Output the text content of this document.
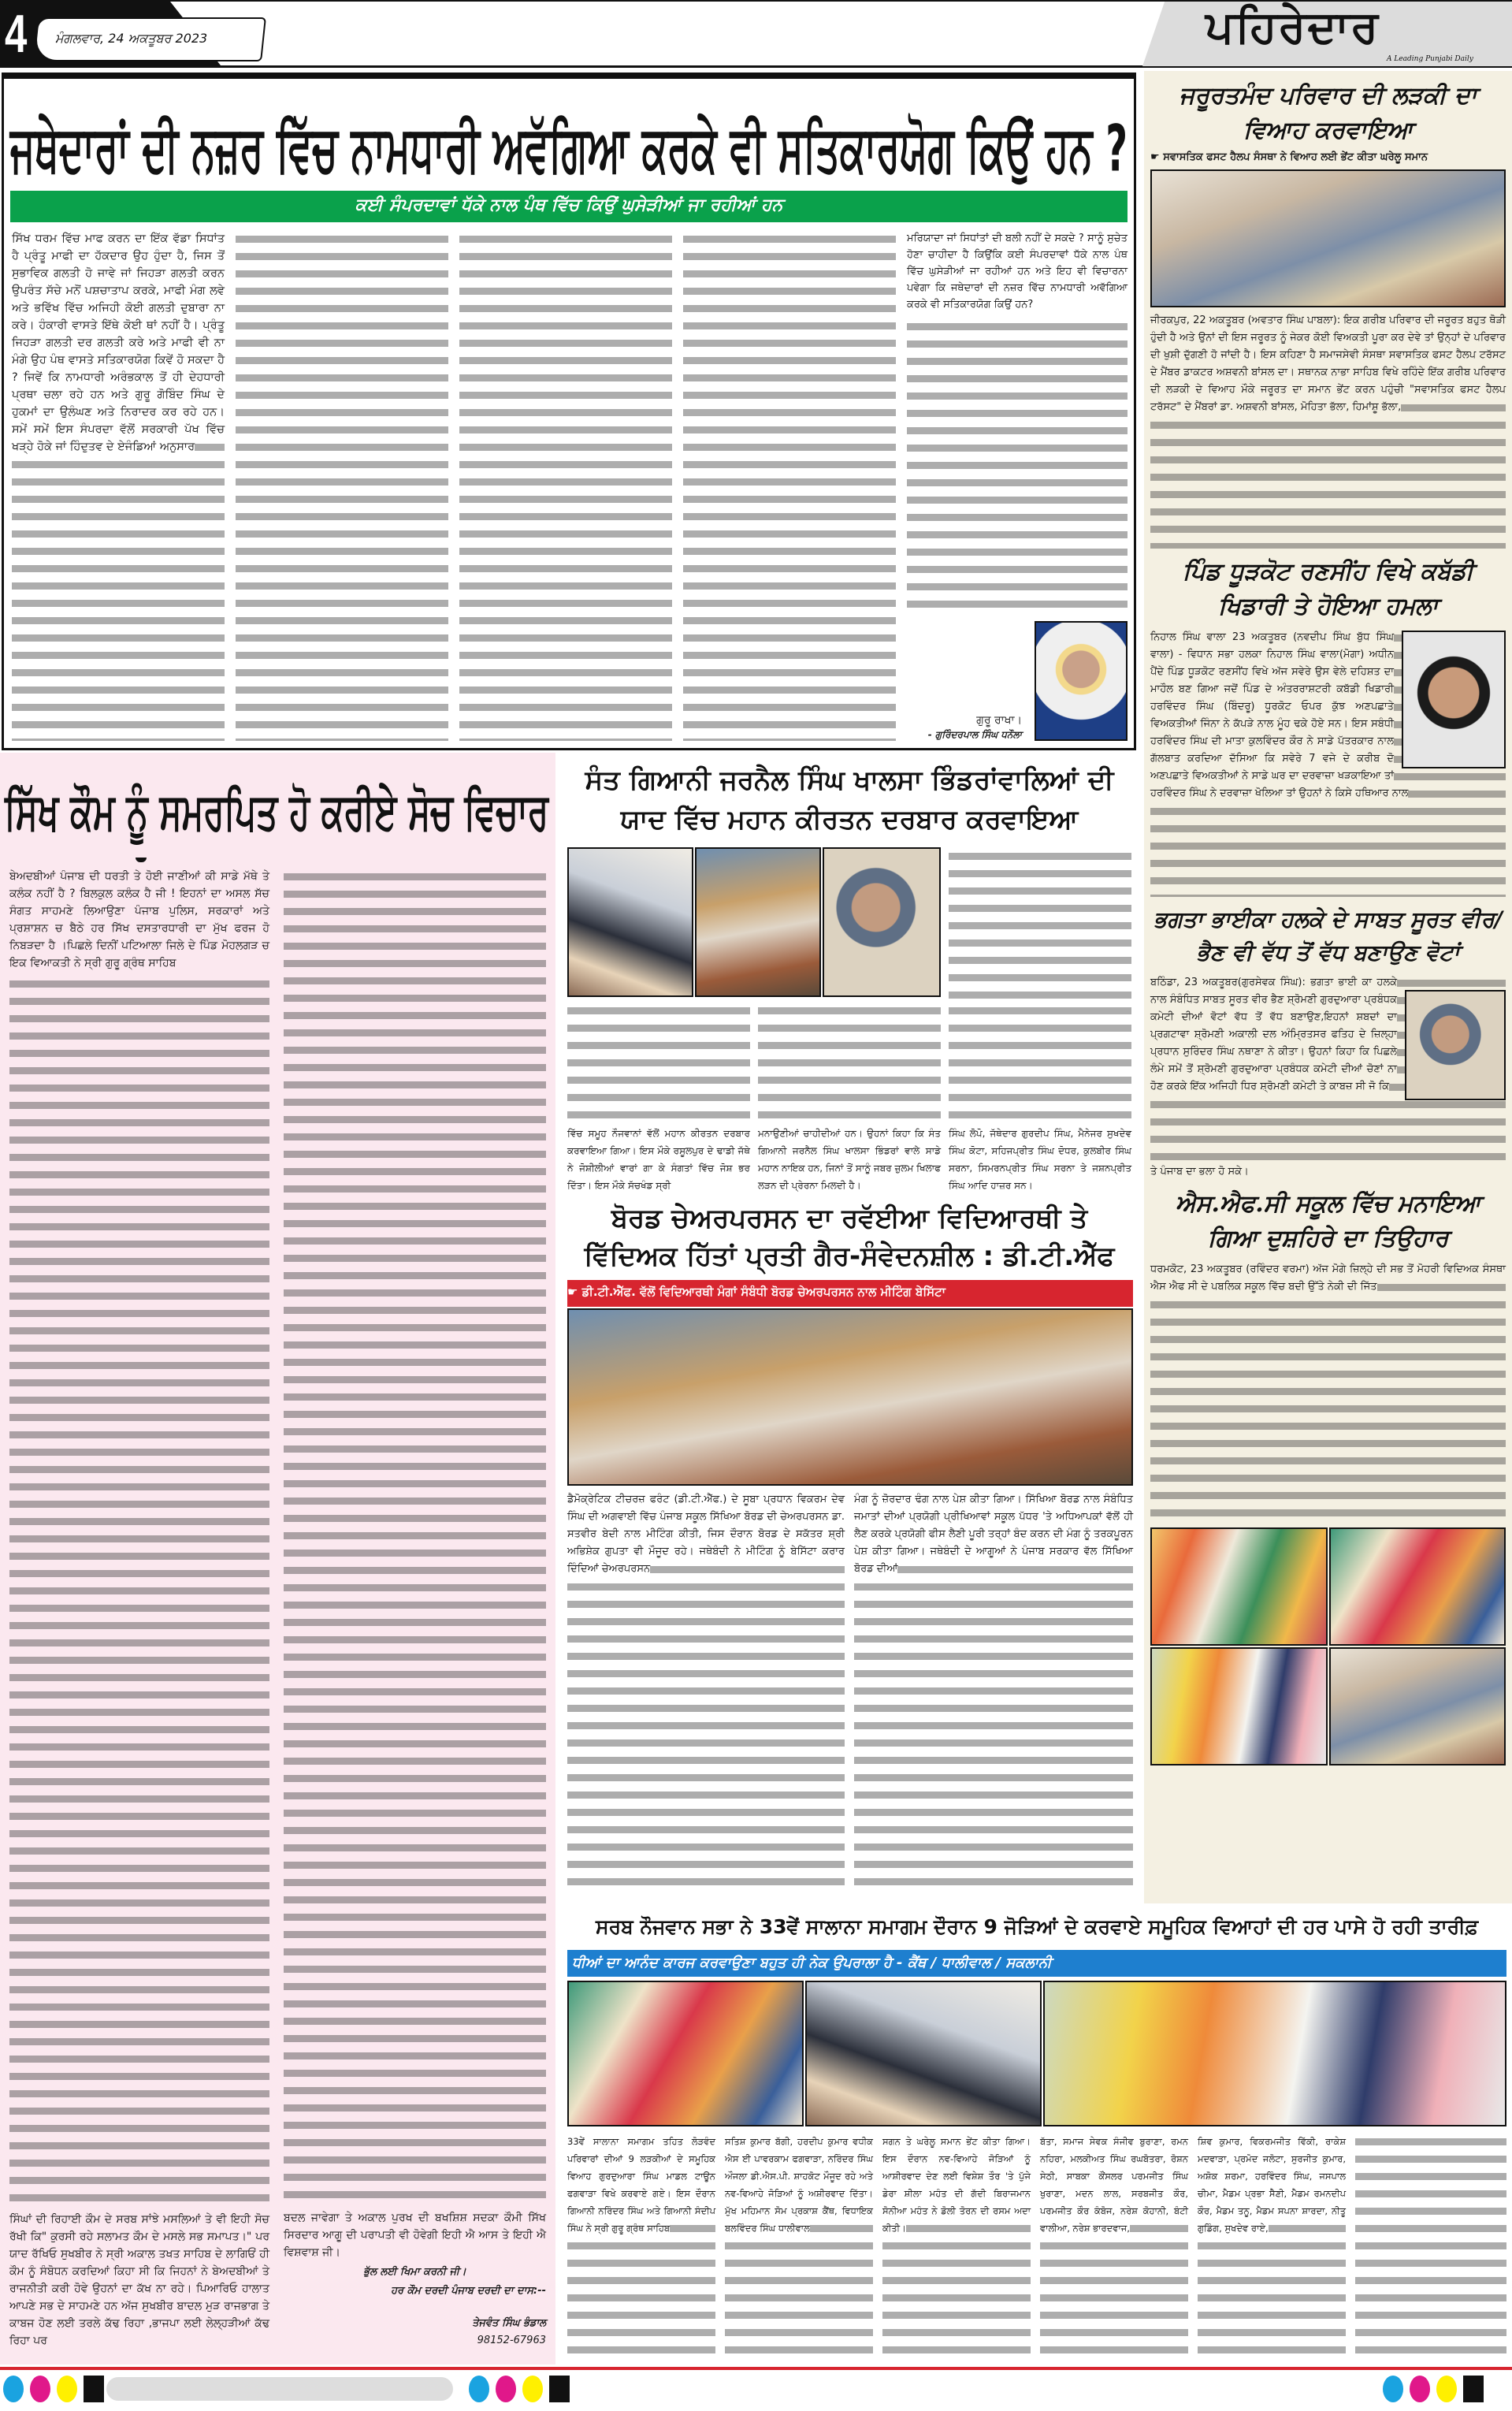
4 ਮੰਗਲਵਾਰ, 24 ਅਕਤੂਬਰ 2023	ਪਹਿਰੇਦਾਰ
A Leading Punjabi Daily
ਜਥੇਦਾਰਾਂ ਦੀ ਨਜ਼ਰ ਵਿੱਚ ਨਾਮਧਾਰੀ ਅਵੱਗਿਆ ਕਰਕੇ ਵੀ ਸਤਿਕਾਰਯੋਗ ਕਿਉਂ ਹਨ ?
ਕਈ ਸੰਪਰਦਾਵਾਂ ਧੱਕੇ ਨਾਲ ਪੰਥ ਵਿੱਚ ਕਿਉਂ ਘੁਸੇੜੀਆਂ ਜਾ ਰਹੀਆਂ ਹਨ
ਸਿੱਖ ਧਰਮ ਵਿੱਚ ਮਾਫ ਕਰਨ ਦਾ ਇੱਕ ਵੱਡਾ ਸਿਧਾਂਤ ਹੈ ਪ੍ਰੰਤੂ ਮਾਫੀ ਦਾ ਹੱਕਦਾਰ ਉਹ ਹੁੰਦਾ ਹੈ, ਜਿਸ ਤੋਂ ਸੁਭਾਵਿਕ ਗਲਤੀ ਹੋ ਜਾਵੇ ਜਾਂ ਜਿਹੜਾ ਗਲਤੀ ਕਰਨ ਉਪਰੰਤ ਸੱਚੇ ਮਨੋਂ ਪਸ਼ਚਾਤਾਪ ਕਰਕੇ, ਮਾਫੀ ਮੰਗ ਲਵੇ ਅਤੇ ਭਵਿੱਖ ਵਿੱਚ ਅਜਿਹੀ ਕੋਈ ਗਲਤੀ ਦੁਬਾਰਾ ਨਾ ਕਰੇ। ਹੰਕਾਰੀ ਵਾਸਤੇ ਇੱਥੇ ਕੋਈ ਥਾਂ ਨਹੀਂ ਹੈ। ਪ੍ਰੰਤੂ ਜਿਹੜਾ ਗਲਤੀ ਦਰ ਗਲਤੀ ਕਰੇ ਅਤੇ ਮਾਫੀ ਵੀ ਨਾ ਮੰਗੇ ਉਹ ਪੰਥ ਵਾਸਤੇ ਸਤਿਕਾਰਯੋਗ ਕਿਵੇਂ ਹੋ ਸਕਦਾ ਹੈ ? ਜਿਵੇਂ ਕਿ ਨਾਮਧਾਰੀ ਅਰੰਭਕਾਲ ਤੋਂ ਹੀ ਦੇਹਧਾਰੀ ਪ੍ਰਥਾ ਚਲਾ ਰਹੇ ਹਨ ਅਤੇ ਗੁਰੂ ਗੋਬਿੰਦ ਸਿੰਘ ਦੇ ਹੁਕਮਾਂ ਦਾ ਉਲੰਘਣ ਅਤੇ ਨਿਰਾਦਰ ਕਰ ਰਹੇ ਹਨ। ਸਮੇਂ ਸਮੇਂ ਇਸ ਸੰਪਰਦਾ ਵੱਲੋਂ ਸਰਕਾਰੀ ਪੱਖ ਵਿੱਚ ਖੜ੍ਹੇ ਹੋਕੇ ਜਾਂ ਹਿੰਦੁਤਵ ਦੇ ਏਜੰਡਿਆਂ ਅਨੁਸਾਰ
ਮਰਿਯਾਦਾ ਜਾਂ ਸਿਧਾਂਤਾਂ ਦੀ ਬਲੀ ਨਹੀਂ ਦੇ ਸਕਦੇ ? ਸਾਨੂੰ ਸੁਚੇਤ ਹੋਣਾ ਚਾਹੀਦਾ ਹੈ ਕਿਉਂਕਿ ਕਈ ਸੰਪਰਦਾਵਾਂ ਧੱਕੇ ਨਾਲ ਪੰਥ ਵਿੱਚ ਘੁਸੇੜੀਆਂ ਜਾ ਰਹੀਆਂ ਹਨ ਅਤੇ ਇਹ ਵੀ ਵਿਚਾਰਨਾ ਪਵੇਗਾ ਕਿ ਜਥੇਦਾਰਾਂ ਦੀ ਨਜ਼ਰ ਵਿੱਚ ਨਾਮਧਾਰੀ ਅਵੱਗਿਆ ਕਰਕੇ ਵੀ ਸਤਿਕਾਰਯੋਗ ਕਿਉਂ ਹਨ?
ਗੁਰੂ ਰਾਖਾ।
- ਗੁਰਿੰਦਰਪਾਲ ਸਿੰਘ ਧਨੌਲਾ
ਜਰੂਰਤਮੰਦ ਪਰਿਵਾਰ ਦੀ ਲੜਕੀ ਦਾ ਵਿਆਹ ਕਰਵਾਇਆ
☛ ਸਵਾਸਤਿਕ ਫਸਟ ਹੈਲਪ ਸੰਸਥਾ ਨੇ ਵਿਆਹ ਲਈ ਭੇਂਟ ਕੀਤਾ ਘਰੇਲੂ ਸਮਾਨ
ਜੀਰਕਪੁਰ, 22 ਅਕਤੂਬਰ (ਅਵਤਾਰ ਸਿੰਘ ਪਾਬਲਾ): ਇਕ ਗਰੀਬ ਪਰਿਵਾਰ ਦੀ ਜਰੂਰਤ ਬਹੁਤ ਥੋੜੀ ਹੁੰਦੀ ਹੈ ਅਤੇ ਉਨਾਂ ਦੀ ਇਸ ਜਰੂਰਤ ਨੂੰ ਜੇਕਰ ਕੋਈ ਵਿਅਕਤੀ ਪੂਰਾ ਕਰ ਦੇਵੇ ਤਾਂ ਉਨ੍ਹਾਂ ਦੇ ਪਰਿਵਾਰ ਦੀ ਖੁਸ਼ੀ ਦੁੱਗਣੀ ਹੋ ਜਾਂਦੀ ਹੈ। ਇਸ ਕਹਿਣਾ ਹੈ ਸਮਾਜਸੇਵੀ ਸੰਸਥਾ ਸਵਾਸਤਿਕ ਫਸਟ ਹੈਲਪ ਟਰੱਸਟ ਦੇ ਮੈਂਬਰ ਡਾਕਟਰ ਅਸ਼ਵਨੀ ਬਾਂਸਲ ਦਾ। ਸਥਾਨਕ ਨਾਭਾ ਸਾਹਿਬ ਵਿਖੇ ਰਹਿੰਦੇ ਇੱਕ ਗਰੀਬ ਪਰਿਵਾਰ ਦੀ ਲੜਕੀ ਦੇ ਵਿਆਹ ਮੌਕੇ ਜਰੂਰਤ ਦਾ ਸਮਾਨ ਭੇਂਟ ਕਰਨ ਪਹੁੰਚੀ "ਸਵਾਸਤਿਕ ਫਸਟ ਹੈਲਪ ਟਰੱਸਟ" ਦੇ ਮੈਂਬਰਾਂ ਡਾ. ਅਸ਼ਵਨੀ ਬਾਂਸਲ, ਮੋਹਿਤਾ ਭੱਲਾ, ਹਿਮਾਂਸ਼ੂ ਭੱਲਾ,
ਪਿੰਡ ਧੂੜਕੋਟ ਰਣਸੀਂਹ ਵਿਖੇ ਕਬੱਡੀ ਖਿਡਾਰੀ ਤੇ ਹੋਇਆ ਹਮਲਾ
ਨਿਹਾਲ ਸਿੰਘ ਵਾਲਾ 23 ਅਕਤੂਬਰ (ਨਵਦੀਪ ਸਿੰਘ ਬੁੱਧ ਸਿੰਘ ਵਾਲਾ) - ਵਿਧਾਨ ਸਭਾ ਹਲਕਾ ਨਿਹਾਲ ਸਿੰਘ ਵਾਲਾ(ਮੋਗਾ) ਅਧੀਨ ਪੈਂਦੇ ਪਿੰਡ ਧੂੜਕੋਟ ਰਣਸੀਂਹ ਵਿਖੇ ਅੱਜ ਸਵੇਰੇ ਉਸ ਵੇਲੇ ਦਹਿਸ਼ਤ ਦਾ ਮਾਹੌਲ ਬਣ ਗਿਆ ਜਦੋਂ ਪਿੰਡ ਦੇ ਅੰਤਰਰਾਸ਼ਟਰੀ ਕਬੱਡੀ ਖਿਡਾਰੀ ਹਰਵਿੰਦਰ ਸਿੰਘ (ਬਿੰਦਰੂ) ਧੂਰਕੋਟ ਓਪਰ ਕੁੱਝ ਅਣਪਛਾਤੇ ਵਿਅਕਤੀਆਂ ਜਿੰਨਾ ਨੇ ਕੱਪੜੇ ਨਾਲ ਮੂੰਹ ਢਕੇ ਹੋਏ ਸਨ। ਇਸ ਸਬੰਧੀ ਹਰਵਿੰਦਰ ਸਿੰਘ ਦੀ ਮਾਤਾ ਕੁਲਵਿੰਦਰ ਕੌਰ ਨੇ ਸਾਡੇ ਪੱਤਰਕਾਰ ਨਾਲ ਗੱਲਬਾਤ ਕਰਦਿਆ ਦੱਸਿਆ ਕਿ ਸਵੇਰੇ 7 ਵਜੇ ਦੇ ਕਰੀਬ ਦੋ ਅਣਪਛਾਤੇ ਵਿਅਕਤੀਆਂ ਨੇ ਸਾਡੇ ਘਰ ਦਾ ਦਰਵਾਜ਼ਾ ਖੜਕਾਇਆ ਤਾਂ ਹਰਵਿੰਦਰ ਸਿੰਘ ਨੇ ਦਰਵਾਜ਼ਾ ਖੋਲਿਆ ਤਾਂ ਉਹਨਾਂ ਨੇ ਕਿਸੇ ਹਥਿਆਰ ਨਾਲ
ਭਗਤਾ ਭਾਈਕਾ ਹਲਕੇ ਦੇ ਸਾਬਤ ਸੂਰਤ ਵੀਰ/ਭੈਣ ਵੀ ਵੱਧ ਤੋਂ ਵੱਧ ਬਣਾਉਣ ਵੋਟਾਂ
ਬਠਿੰਡਾ, 23 ਅਕਤੂਬਰ(ਗੁਰਸੇਵਕ ਸਿੰਘ): ਭਗਤਾ ਭਾਈ ਕਾ ਹਲਕੇ ਨਾਲ ਸੰਬੰਧਿਤ ਸਾਬਤ ਸੂਰਤ ਵੀਰ ਭੈਣ ਸ਼੍ਰੋਮਣੀ ਗੁਰਦੁਆਰਾ ਪ੍ਰਬੰਧਕ ਕਮੇਟੀ ਦੀਆਂ ਵੋਟਾਂ ਵੱਧ ਤੋਂ ਵੱਧ ਬਣਾਉਣ,ਇਹਨਾਂ ਸ਼ਬਦਾਂ ਦਾ ਪ੍ਰਗਟਾਵਾ ਸ਼੍ਰੋਮਣੀ ਅਕਾਲੀ ਦਲ ਅੰਮ੍ਰਿਤਸਰ ਫਤਿਹ ਦੇ ਜ਼ਿਲ੍ਹਾ ਪ੍ਰਧਾਨ ਸੁਰਿੰਦਰ ਸਿੰਘ ਨਥਾਣਾ ਨੇ ਕੀਤਾ। ਉਹਨਾਂ ਕਿਹਾ ਕਿ ਪਿਛਲੇ ਲੰਮੇ ਸਮੇਂ ਤੋਂ ਸ਼੍ਰੋਮਣੀ ਗੁਰਦੁਆਰਾ ਪ੍ਰਬੰਧਕ ਕਮੇਟੀ ਦੀਆਂ ਚੋਣਾਂ ਨਾ ਹੋਣ ਕਰਕੇ ਇੱਕ ਅਜਿਹੀ ਧਿਰ ਸ਼੍ਰੋਮਣੀ ਕਮੇਟੀ ਤੇ ਕਾਬਜ਼ ਸੀ ਜੋ ਕਿ
ਤੇ ਪੰਜਾਬ ਦਾ ਭਲਾ ਹੋ ਸਕੇ।
ਐਸ.ਐਫ.ਸੀ ਸਕੂਲ ਵਿੱਚ ਮਨਾਇਆ ਗਿਆ ਦੁਸ਼ਹਿਰੇ ਦਾ ਤਿਉਹਾਰ
ਧਰਮਕੋਟ, 23 ਅਕਤੂਬਰ (ਰਵਿੰਦਰ ਵਰਮਾ) ਅੱਜ ਮੋਗੇ ਜ਼ਿਲ੍ਹੇ ਦੀ ਸਭ ਤੋਂ ਮੋਹਰੀ ਵਿਦਿਅਕ ਸੰਸਥਾ ਐਸ ਐਫ ਸੀ ਦੇ ਪਬਲਿਕ ਸਕੂਲ ਵਿੱਚ ਬਦੀ ਉੱਤੇ ਨੇਕੀ ਦੀ ਜਿੱਤ
ਸਿੱਖ ਕੌਮ ਨੂੰ ਸਮਰਪਿਤ ਹੋ ਕਰੀਏ ਸੋਚ ਵਿਚਾਰ
ਬੇਅਦਬੀਆਂ ਪੰਜਾਬ ਦੀ ਧਰਤੀ ਤੇ ਹੋਈ ਜਾਣੀਆਂ ਕੀ ਸਾਡੇ ਮੱਥੇ ਤੇ ਕਲੰਕ ਨਹੀਂ ਹੈ ? ਬਿਲਕੁਲ ਕਲੰਕ ਹੈ ਜੀ ! ਇਹਨਾਂ ਦਾ ਅਸਲ ਸੱਚ ਸੰਗਤ ਸਾਹਮਣੇ ਲਿਆਉਣਾ ਪੰਜਾਬ ਪੁਲਿਸ, ਸਰਕਾਰਾਂ ਅਤੇ ਪ੍ਰਸ਼ਾਸ਼ਨ ਚ ਬੈਠੇ ਹਰ ਸਿੱਖ ਦਸਤਾਰਧਾਰੀ ਦਾ ਮੁੱਖ ਫਰਜ ਹੋ ਨਿਬੜਦਾ ਹੈ ।ਪਿਛਲੇ ਦਿਨੀਂ ਪਟਿਆਲਾ ਜਿਲੇ ਦੇ ਪਿੰਡ ਮੋਹਲਗੜ ਚ ਇਕ ਵਿਆਕਤੀ ਨੇ ਸ੍ਰੀ ਗੁਰੂ ਗ੍ਰੰਥ ਸਾਹਿਬ
ਸਿੰਘਾਂ ਦੀ ਰਿਹਾਈ ਕੌਮ ਦੇ ਸਰਬ ਸਾਂਝੇ ਮਸਲਿਆਂ ਤੇ ਵੀ ਇਹੀ ਸੋਚ ਰੱਖੀ ਕਿ" ਕੁਰਸੀ ਰਹੇ ਸਲਾਮਤ ਕੌਮ ਦੇ ਮਸਲੇ ਸਭ ਸਮਾਪਤ।" ਪਰ ਯਾਦ ਰੱਖਿਓ ਸੁਖਬੀਰ ਨੇ ਸ੍ਰੀ ਅਕਾਲ ਤਖਤ ਸਾਹਿਬ ਦੇ ਲਾਗਿਓਂ ਹੀ ਕੌਮ ਨੂੰ ਸੰਬੋਧਨ ਕਰਦਿਆਂ ਕਿਹਾ ਸੀ ਕਿ ਜਿਹਨਾਂ ਨੇ ਬੇਅਦਬੀਆਂ ਤੇ ਰਾਜਨੀਤੀ ਕਰੀ ਹੋਵੇ ਉਹਨਾਂ ਦਾ ਕੱਖ ਨਾ ਰਹੇ। ਪਿਆਰਿਓ ਹਾਲਾਤ ਆਪਣੇ ਸਭ ਦੇ ਸਾਹਮਣੇ ਹਨ ਅੱਜ ਸੁਖਬੀਰ ਬਾਦਲ ਮੁੜ ਰਾਜਭਾਗ ਤੇ ਕਾਬਜ ਹੋਣ ਲਈ ਤਰਲੇ ਕੱਢ ਰਿਹਾ ,ਭਾਜਪਾ ਲਈ ਲੇਲ੍ਹੜੀਆਂ ਕੱਢ ਰਿਹਾ ਪਰ
ਬਦਲ ਜਾਵੇਗਾ ਤੇ ਅਕਾਲ ਪੁਰਖ ਦੀ ਬਖਸ਼ਿਸ਼ ਸਦਕਾ ਕੌਮੀ ਸਿੱਖ ਸਿਰਦਾਰ ਆਗੂ ਦੀ ਪਰਾਪਤੀ ਵੀ ਹੋਵੇਗੀ ਇਹੀ ਐ ਆਸ ਤੇ ਇਹੀ ਐ ਵਿਸ਼ਵਾਸ਼ ਜੀ।
ਭੁੱਲ ਲਈ ਖਿਮਾ ਕਰਨੀ ਜੀ।
ਹਰ ਕੌਮ ਦਰਦੀ ਪੰਜਾਬ ਦਰਦੀ ਦਾ ਦਾਸ:--
ਤੇਜਵੰਤ ਸਿੰਘ ਭੰਡਾਲ
98152-67963
ਸੰਤ ਗਿਆਨੀ ਜਰਨੈਲ ਸਿੰਘ ਖਾਲਸਾ ਭਿੰਡਰਾਂਵਾਲਿਆਂ ਦੀ ਯਾਦ ਵਿੱਚ ਮਹਾਨ ਕੀਰਤਨ ਦਰਬਾਰ ਕਰਵਾਇਆ
ਵਿੱਚ ਸਮੂਹ ਨੌਜਵਾਨਾਂ ਵੱਲੋਂ ਮਹਾਨ ਕੀਰਤਨ ਦਰਬਾਰ ਕਰਵਾਇਆ ਗਿਆ। ਇਸ ਮੌਕੇ ਰਸੂਲਪੁਰ ਦੇ ਢਾਡੀ ਜੱਥੇ ਨੇ ਜੋਸ਼ੀਲੀਆਂ ਵਾਰਾਂ ਗਾ ਕੇ ਸੰਗਤਾਂ ਵਿੱਚ ਜੋਸ਼ ਭਰ ਦਿੱਤਾ। ਇਸ ਮੌਕੇ ਸੱਚਖੰਡ ਸ੍ਰੀ
ਮਨਾਉਣੀਆਂ ਚਾਹੀਦੀਆਂ ਹਨ। ਉਹਨਾਂ ਕਿਹਾ ਕਿ ਸੰਤ ਗਿਆਨੀ ਜਰਨੈਲ ਸਿੰਘ ਖਾਲਸਾ ਭਿੰਡਰਾਂ ਵਾਲੇ ਸਾਡੇ ਮਹਾਨ ਨਾਇਕ ਹਨ, ਜਿਨਾਂ ਤੋਂ ਸਾਨੂੰ ਜਬਰ ਜ਼ੁਲਮ ਖਿਲਾਫ ਲੜਨ ਦੀ ਪ੍ਰੇਰਨਾ ਮਿਲਦੀ ਹੈ।
ਸਿੰਘ ਲੋਪੋ, ਜੱਥੇਦਾਰ ਗੁਰਦੀਪ ਸਿੰਘ, ਮੈਨੇਜਰ ਸੁਖਦੇਵ ਸਿੰਘ ਕੋਟਾ, ਸਹਿਜਪ੍ਰੀਤ ਸਿੰਘ ਦੋਧਰ, ਕੁਲਬੀਰ ਸਿੰਘ ਸਰਨਾ, ਸਿਮਰਨਪ੍ਰੀਤ ਸਿੰਘ ਸਰਨਾ ਤੇ ਜਸ਼ਨਪ੍ਰੀਤ ਸਿੰਘ ਆਦਿ ਹਾਜ਼ਰ ਸਨ।
ਬੋਰਡ ਚੇਅਰਪਰਸਨ ਦਾ ਰਵੱਈਆ ਵਿਦਿਆਰਥੀ ਤੇ ਵਿੱਦਿਅਕ ਹਿੱਤਾਂ ਪ੍ਰਤੀ ਗੈਰ-ਸੰਵੇਦਨਸ਼ੀਲ : ਡੀ.ਟੀ.ਐੱਫ
☛ ਡੀ.ਟੀ.ਐੱਫ. ਵੱਲੋਂ ਵਿਦਿਆਰਥੀ ਮੰਗਾਂ ਸੰਬੰਧੀ ਬੋਰਡ ਚੇਅਰਪਰਸਨ ਨਾਲ ਮੀਟਿੰਗ ਬੇਸਿੱਟਾ
ਡੈਮੋਕ੍ਰੇਟਿਕ ਟੀਚਰਜ਼ ਫਰੰਟ (ਡੀ.ਟੀ.ਐੱਫ.) ਦੇ ਸੂਬਾ ਪ੍ਰਧਾਨ ਵਿਕਰਮ ਦੇਵ ਸਿੰਘ ਦੀ ਅਗਵਾਈ ਵਿੱਚ ਪੰਜਾਬ ਸਕੂਲ ਸਿੱਖਿਆ ਬੋਰਡ ਦੀ ਚੇਅਰਪਰਸਨ ਡਾ. ਸਤਵੀਰ ਬੇਦੀ ਨਾਲ ਮੀਟਿੰਗ ਕੀਤੀ, ਜਿਸ ਦੌਰਾਨ ਬੋਰਡ ਦੇ ਸਕੱਤਰ ਸ਼੍ਰੀ ਅਭਿਸ਼ੇਕ ਗੁਪਤਾ ਵੀ ਮੌਜੂਦ ਰਹੇ। ਜਥੇਬੰਦੀ ਨੇ ਮੀਟਿੰਗ ਨੂੰ ਬੇਸਿੱਟਾ ਕਰਾਰ ਦਿੰਦਿਆਂ ਚੇਅਰਪਰਸਨ
ਮੰਗ ਨੂੰ ਜ਼ੋਰਦਾਰ ਢੰਗ ਨਾਲ ਪੇਸ਼ ਕੀਤਾ ਗਿਆ। ਸਿੱਖਿਆ ਬੋਰਡ ਨਾਲ ਸੰਬੰਧਿਤ ਜਮਾਤਾਂ ਦੀਆਂ ਪ੍ਰਯੋਗੀ ਪ੍ਰੀਖਿਆਵਾਂ ਸਕੂਲ ਪੱਧਰ 'ਤੇ ਅਧਿਆਪਕਾਂ ਵੱਲੋਂ ਹੀ ਲੈਣ ਕਰਕੇ ਪ੍ਰਯੋਗੀ ਫੀਸ ਲੈਣੀ ਪੂਰੀ ਤਰ੍ਹਾਂ ਬੰਦ ਕਰਨ ਦੀ ਮੰਗ ਨੂੰ ਤਰਕਪੂਰਨ ਪੇਸ਼ ਕੀਤਾ ਗਿਆ। ਜਥੇਬੰਦੀ ਦੇ ਆਗੂਆਂ ਨੇ ਪੰਜਾਬ ਸਰਕਾਰ ਵੱਲ ਸਿੱਖਿਆ ਬੋਰਡ ਦੀਆਂ
ਸਰਬ ਨੌਜਵਾਨ ਸਭਾ ਨੇ 33ਵੇਂ ਸਾਲਾਨਾ ਸਮਾਗਮ ਦੌਰਾਨ 9 ਜੋੜਿਆਂ ਦੇ ਕਰਵਾਏ ਸਮੂਹਿਕ ਵਿਆਹਾਂ ਦੀ ਹਰ ਪਾਸੇ ਹੋ ਰਹੀ ਤਾਰੀਫ਼
ਧੀਆਂ ਦਾ ਆਨੰਦ ਕਾਰਜ ਕਰਵਾਉਣਾ ਬਹੁਤ ਹੀ ਨੇਕ ਉਪਰਾਲਾ ਹੈ - ਕੈਂਥ / ਧਾਲੀਵਾਲ / ਸਕਲਾਨੀ
33ਵੇਂ ਸਾਲਾਨਾ ਸਮਾਗਮ ਤਹਿਤ ਲੋੜਵੰਦ ਪਰਿਵਾਰਾਂ ਦੀਆਂ 9 ਲੜਕੀਆਂ ਦੇ ਸਮੂਹਿਕ ਵਿਆਹ ਗੁਰਦੁਆਰਾ ਸਿੰਘ ਮਾਡਲ ਟਾਊਨ ਫਗਵਾੜਾ ਵਿਖੇ ਕਰਵਾਏ ਗਏ। ਇਸ ਦੌਰਾਨ ਗਿਆਨੀ ਨਰਿੰਦਰ ਸਿੰਘ ਅਤੇ ਗਿਆਨੀ ਸੰਦੀਪ ਸਿੰਘ ਨੇ ਸ੍ਰੀ ਗੁਰੂ ਗ੍ਰੰਥ ਸਾਹਿਬ
ਸਤਿਸ਼ ਕੁਮਾਰ ਬੱਗੀ, ਹਰਦੀਪ ਕੁਮਾਰ ਵਧੀਕ ਐਸ ਈ ਪਾਵਰਕਾਮ ਫਗਵਾੜਾ, ਨਰਿੰਦਰ ਸਿੰਘ ਔਜਲਾ ਡੀ.ਐਸ.ਪੀ. ਸ਼ਾਹਕੋਟ ਮੌਜੂਦ ਰਹੇ ਅਤੇ ਨਵ-ਵਿਆਹੇ ਜੋੜਿਆਂ ਨੂੰ ਅਸ਼ੀਰਵਾਦ ਦਿੱਤਾ। ਮੁੱਖ ਮਹਿਮਾਨ ਸੋਮ ਪ੍ਰਕਾਸ਼ ਕੈਂਥ, ਵਿਧਾਇਕ ਬਲਵਿੰਦਰ ਸਿੰਘ ਧਾਲੀਵਾਲ
ਸਗਨ ਤੇ ਘਰੇਲੂ ਸਮਾਨ ਭੇਂਟ ਕੀਤਾ ਗਿਆ। ਇਸ ਦੌਰਾਨ ਨਵ-ਵਿਆਹੇ ਜੋੜਿਆਂ ਨੂੰ ਆਸ਼ੀਰਵਾਦ ਦੇਣ ਲਈ ਵਿਸ਼ੇਸ਼ ਤੌਰ 'ਤੇ ਪੁੱਜੇ ਡੇਰਾ ਸ਼ੀਲਾ ਮਹੰਤ ਦੀ ਗੱਦੀ ਬਿਰਾਜਮਾਨ ਸੋਨੀਆ ਮਹੰਤ ਨੇ ਡੋਲੀ ਤੋਰਨ ਦੀ ਰਸਮ ਅਦਾ ਕੀਤੀ।
ਬੱਤਾ, ਸਮਾਜ ਸੇਵਕ ਸੰਜੀਵ ਬੁਰਾਣਾ, ਰਮਨ ਨਹਿਰਾ, ਮਲਕੀਅਤ ਸਿੰਘ ਰਘਬੋਤਰਾ, ਰੋਸ਼ਨ ਸੇਠੀ, ਸਾਬਕਾ ਕੌਂਸਲਰ ਪਰਮਜੀਤ ਸਿੰਘ ਖੁਰਾਣਾ, ਮਦਨ ਲਾਲ, ਸਰਬਜੀਤ ਕੌਰ, ਪਰਮਜੀਤ ਕੌਰ ਕੰਬੋਜ, ਨਰੇਸ਼ ਕੋਹਾਨੀ, ਬੰਟੀ ਵਾਲੀਆ, ਨਰੇਸ਼ ਭਾਰਦਵਾਜ,
ਸ਼ਿਵ ਕੁਮਾਰ, ਵਿਕਰਮਜੀਤ ਵਿੱਕੀ, ਰਾਕੇਸ਼ ਮਦਵਾੜਾ, ਪ੍ਰਮੋਦ ਜਲੋਟਾ, ਸੁਰਜੀਤ ਕੁਮਾਰ, ਅਸ਼ੋਕ ਸ਼ਰਮਾ, ਹਰਵਿੰਦਰ ਸਿੰਘ, ਜਸਪਾਲ ਚੀਮਾ, ਮੈਡਮ ਪ੍ਰਭਾ ਸੈਣੀ, ਮੈਡਮ ਰਮਨਦੀਪ ਕੌਰ, ਮੈਡਮ ਤਨੂ, ਮੈਡਮ ਸਪਨਾ ਸ਼ਾਰਦਾ, ਨੀਤੂ ਗੁਡਿੰਗ, ਸੁਖਦੇਵ ਰਾਏ,
